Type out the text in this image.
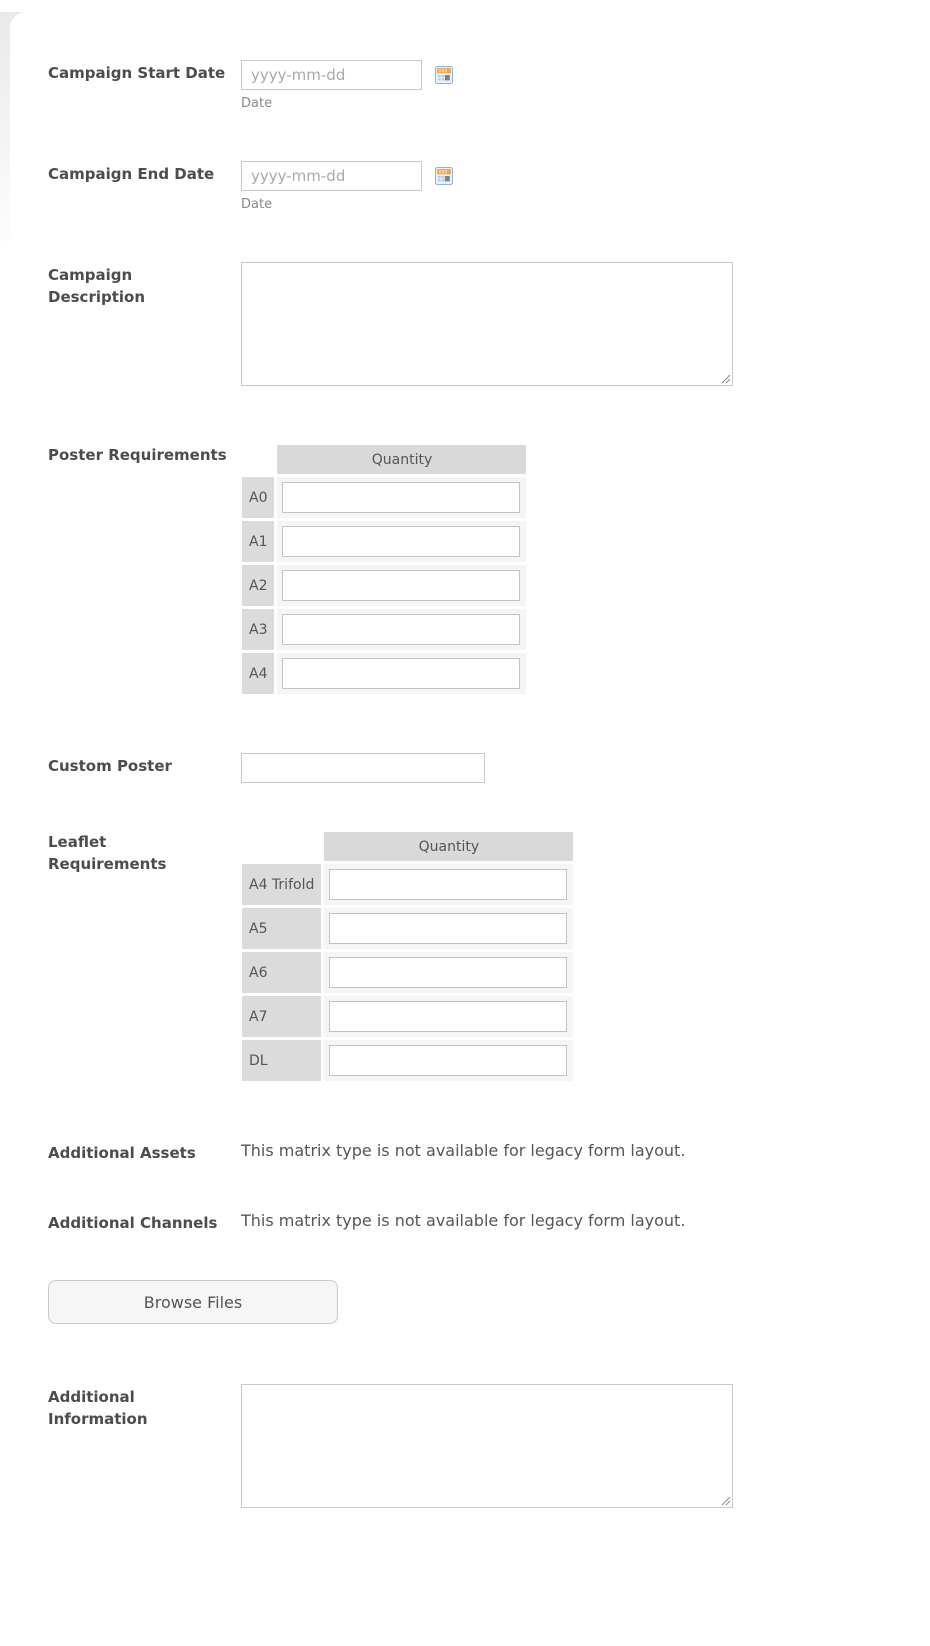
Campaign Start Date
yyyy-mm-dd
Date
Campaign End Date
yyyy-mm-dd
Date
Campaign Description
Poster Requirements
		Quantity
A0	

A1	

A2	

A3	

A4	
Custom Poster
Leaflet Requirements
	Quantity
A4 Trifold	

A5	

A6	

A7	

DL	
Additional Assets	This matrix type is not available for legacy form layout.
Additional Channels	This matrix type is not available for legacy form layout.
Browse Files
Additional Information
